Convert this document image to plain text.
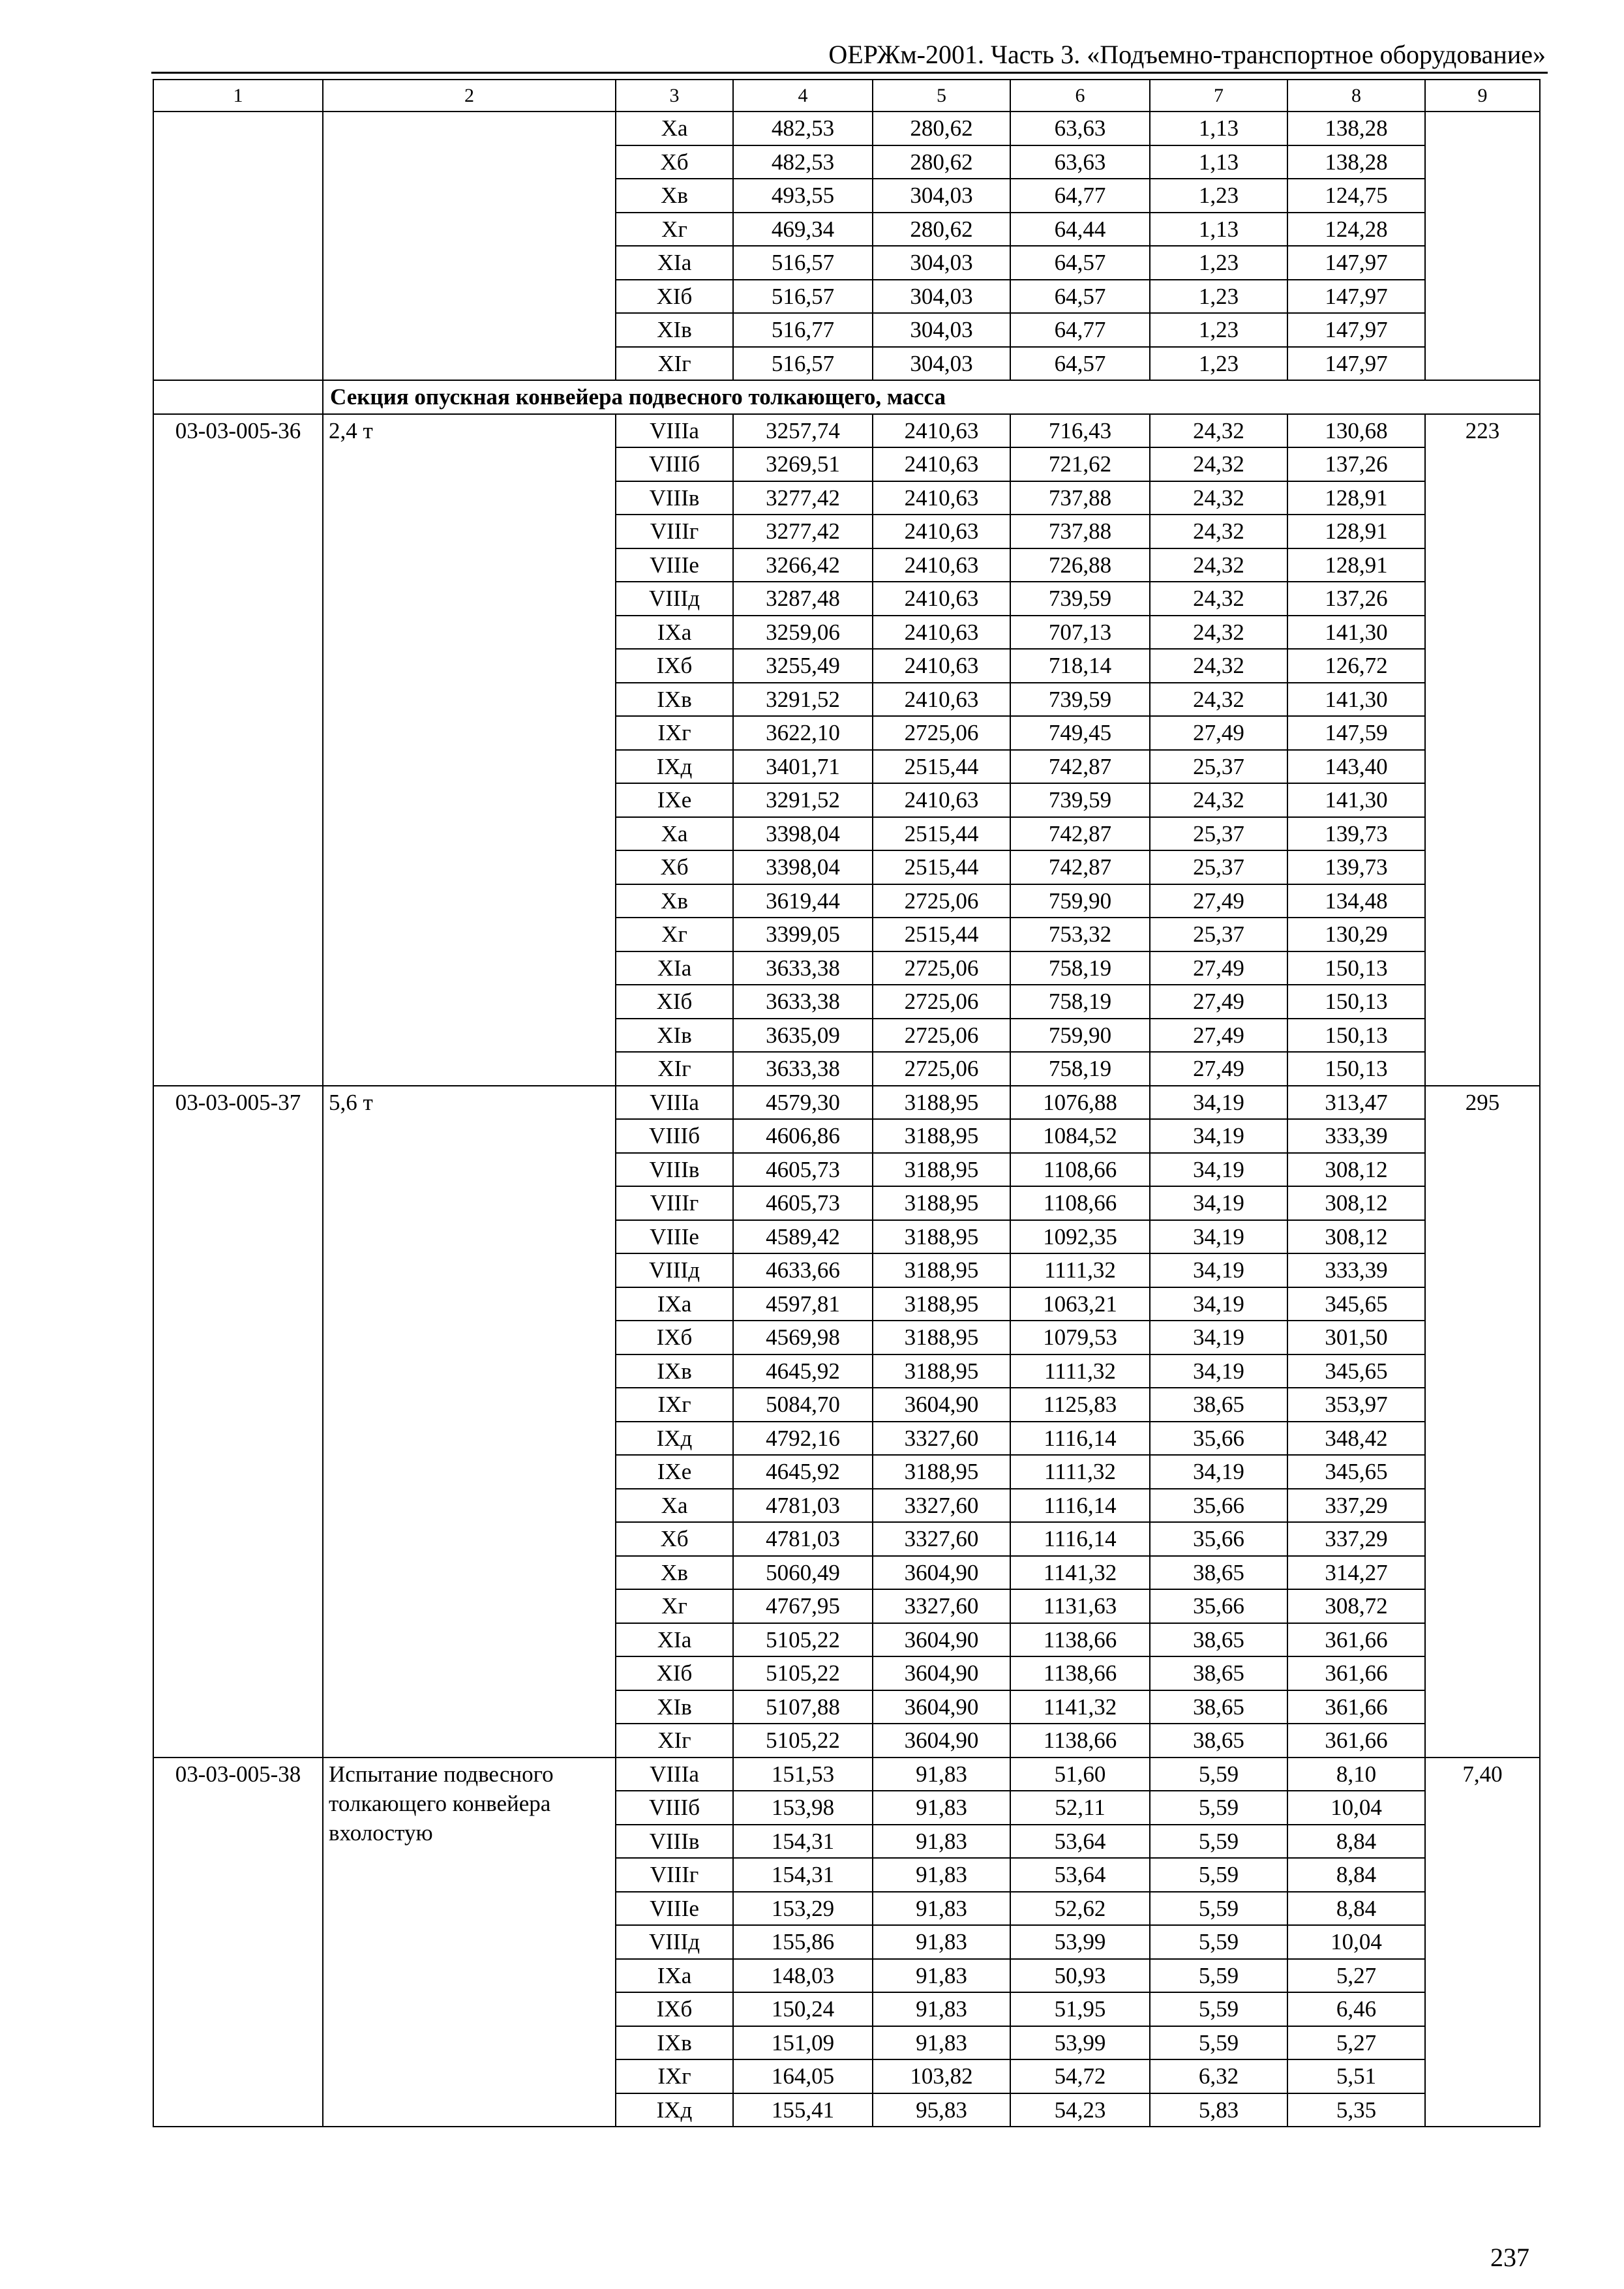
ОЕРЖм-2001. Часть 3. «Подъемно-транспортное оборудование»
1	2	3	4	5	6	7	8	9
		Xа	482,53	280,62	63,63	1,13	138,28	
		Xб	482,53	280,62	63,63	1,13	138,28	
		Xв	493,55	304,03	64,77	1,23	124,75	
		Xг	469,34	280,62	64,44	1,13	124,28	
		XIа	516,57	304,03	64,57	1,23	147,97	
		XIб	516,57	304,03	64,57	1,23	147,97	
		XIв	516,77	304,03	64,77	1,23	147,97	
		XIг	516,57	304,03	64,57	1,23	147,97	
	Секция опускная конвейера подвесного толкающего, масса							
03-03-005-36	2,4 т	VIIIа	3257,74	2410,63	716,43	24,32	130,68	223
		VIIIб	3269,51	2410,63	721,62	24,32	137,26	
		VIIIв	3277,42	2410,63	737,88	24,32	128,91	
		VIIIг	3277,42	2410,63	737,88	24,32	128,91	
		VIIIе	3266,42	2410,63	726,88	24,32	128,91	
		VIIIд	3287,48	2410,63	739,59	24,32	137,26	
		IXа	3259,06	2410,63	707,13	24,32	141,30	
		IXб	3255,49	2410,63	718,14	24,32	126,72	
		IXв	3291,52	2410,63	739,59	24,32	141,30	
		IXг	3622,10	2725,06	749,45	27,49	147,59	
		IXд	3401,71	2515,44	742,87	25,37	143,40	
		IXе	3291,52	2410,63	739,59	24,32	141,30	
		Xа	3398,04	2515,44	742,87	25,37	139,73	
		Xб	3398,04	2515,44	742,87	25,37	139,73	
		Xв	3619,44	2725,06	759,90	27,49	134,48	
		Xг	3399,05	2515,44	753,32	25,37	130,29	
		XIа	3633,38	2725,06	758,19	27,49	150,13	
		XIб	3633,38	2725,06	758,19	27,49	150,13	
		XIв	3635,09	2725,06	759,90	27,49	150,13	
		XIг	3633,38	2725,06	758,19	27,49	150,13	
03-03-005-37	5,6 т	VIIIа	4579,30	3188,95	1076,88	34,19	313,47	295
		VIIIб	4606,86	3188,95	1084,52	34,19	333,39	
		VIIIв	4605,73	3188,95	1108,66	34,19	308,12	
		VIIIг	4605,73	3188,95	1108,66	34,19	308,12	
		VIIIе	4589,42	3188,95	1092,35	34,19	308,12	
		VIIIд	4633,66	3188,95	1111,32	34,19	333,39	
		IXа	4597,81	3188,95	1063,21	34,19	345,65	
		IXб	4569,98	3188,95	1079,53	34,19	301,50	
		IXв	4645,92	3188,95	1111,32	34,19	345,65	
		IXг	5084,70	3604,90	1125,83	38,65	353,97	
		IXд	4792,16	3327,60	1116,14	35,66	348,42	
		IXе	4645,92	3188,95	1111,32	34,19	345,65	
		Xа	4781,03	3327,60	1116,14	35,66	337,29	
		Xб	4781,03	3327,60	1116,14	35,66	337,29	
		Xв	5060,49	3604,90	1141,32	38,65	314,27	
		Xг	4767,95	3327,60	1131,63	35,66	308,72	
		XIа	5105,22	3604,90	1138,66	38,65	361,66	
		XIб	5105,22	3604,90	1138,66	38,65	361,66	
		XIв	5107,88	3604,90	1141,32	38,65	361,66	
		XIг	5105,22	3604,90	1138,66	38,65	361,66	
03-03-005-38	Испытание подвесного толкающего конвейера вхолостую	VIIIа	151,53	91,83	51,60	5,59	8,10	7,40
		VIIIб	153,98	91,83	52,11	5,59	10,04	
		VIIIв	154,31	91,83	53,64	5,59	8,84	
		VIIIг	154,31	91,83	53,64	5,59	8,84	
		VIIIе	153,29	91,83	52,62	5,59	8,84	
		VIIIд	155,86	91,83	53,99	5,59	10,04	
		IXа	148,03	91,83	50,93	5,59	5,27	
		IXб	150,24	91,83	51,95	5,59	6,46	
		IXв	151,09	91,83	53,99	5,59	5,27	
		IXг	164,05	103,82	54,72	6,32	5,51	
		IXд	155,41	95,83	54,23	5,83	5,35	
237
